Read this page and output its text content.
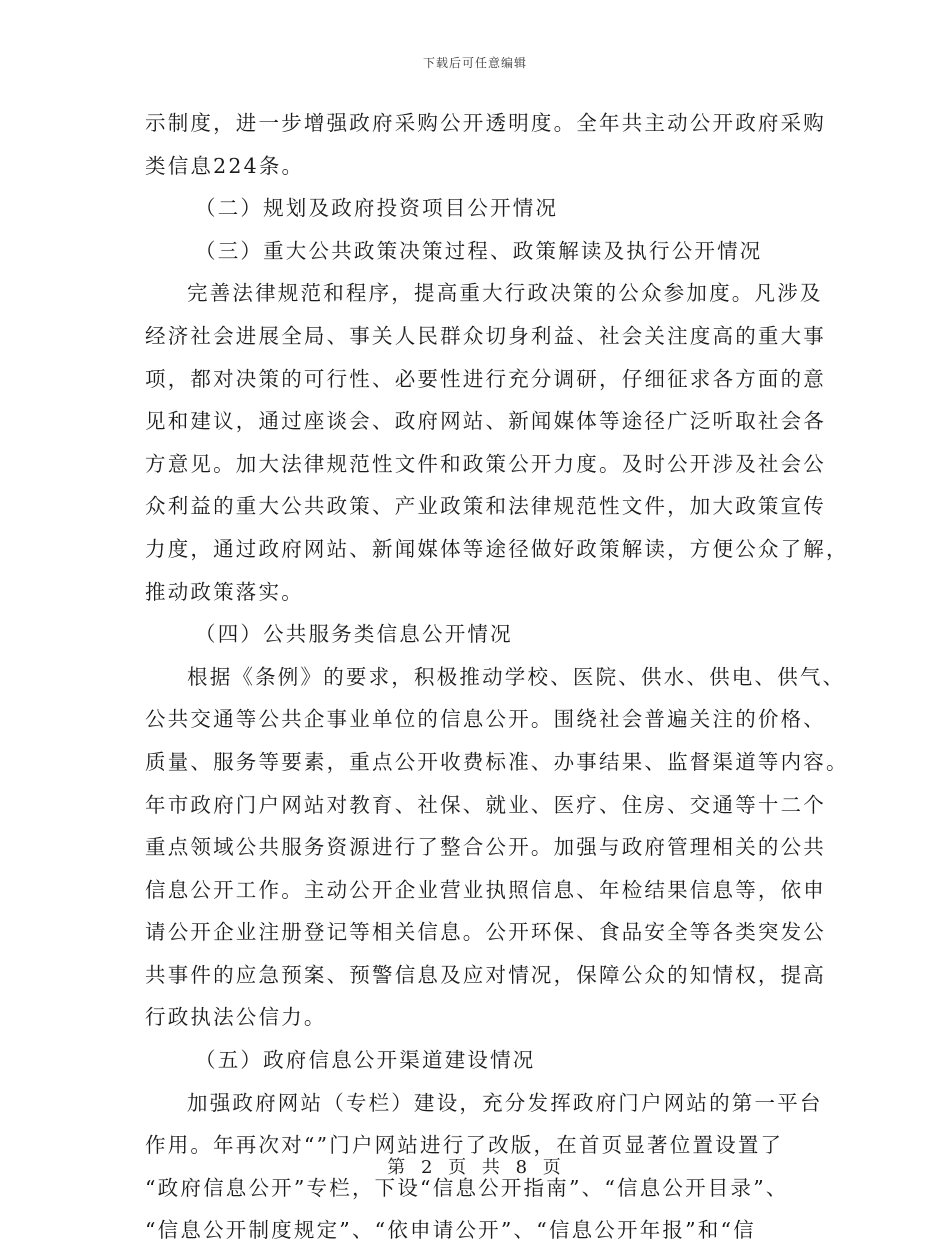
下载后可任意编辑
示制度，进一步增强政府采购公开透明度。全年共主动公开政府采购
类信息224条。
（二）规划及政府投资项目公开情况
（三）重大公共政策决策过程、政策解读及执行公开情况
完善法律规范和程序，提高重大行政决策的公众参加度。凡涉及
经济社会进展全局、事关人民群众切身利益、社会关注度高的重大事
项，都对决策的可行性、必要性进行充分调研，仔细征求各方面的意
见和建议，通过座谈会、政府网站、新闻媒体等途径广泛听取社会各
方意见。加大法律规范性文件和政策公开力度。及时公开涉及社会公
众利益的重大公共政策、产业政策和法律规范性文件，加大政策宣传
力度，通过政府网站、新闻媒体等途径做好政策解读，方便公众了解，
推动政策落实。
（四）公共服务类信息公开情况
根据《条例》的要求，积极推动学校、医院、供水、供电、供气、
公共交通等公共企事业单位的信息公开。围绕社会普遍关注的价格、
质量、服务等要素，重点公开收费标准、办事结果、监督渠道等内容。
年市政府门户网站对教育、社保、就业、医疗、住房、交通等十二个
重点领域公共服务资源进行了整合公开。加强与政府管理相关的公共
信息公开工作。主动公开企业营业执照信息、年检结果信息等，依申
请公开企业注册登记等相关信息。公开环保、食品安全等各类突发公
共事件的应急预案、预警信息及应对情况，保障公众的知情权，提高
行政执法公信力。
（五）政府信息公开渠道建设情况
加强政府网站（专栏）建设，充分发挥政府门户网站的第一平台
作用。年再次对“”门户网站进行了改版，在首页显著位置设置了
“政府信息公开”专栏，下设“信息公开指南”、“信息公开目录”、
“信息公开制度规定”、“依申请公开”、“信息公开年报”和“信
第 2 页 共 8 页
